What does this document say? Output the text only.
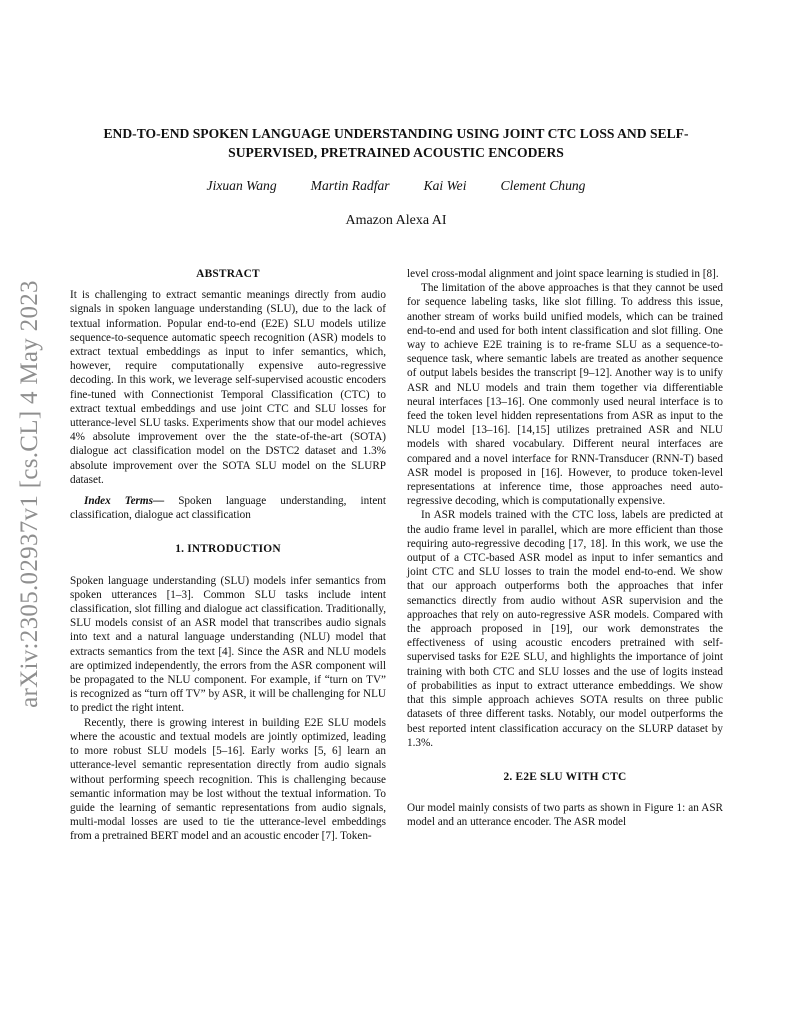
arXiv:2305.02937v1 [cs.CL] 4 May 2023
END-TO-END SPOKEN LANGUAGE UNDERSTANDING USING JOINT CTC LOSS AND SELF-SUPERVISED, PRETRAINED ACOUSTIC ENCODERS
Jixuan Wang	Martin Radfar	Kai Wei	Clement Chung
Amazon Alexa AI

ABSTRACT

It is challenging to extract semantic meanings directly from audio signals in spoken language understanding (SLU), due to the lack of textual information. Popular end-to-end (E2E) SLU models utilize sequence-to-sequence automatic speech recognition (ASR) models to extract textual embeddings as input to infer semantics, which, however, require computationally expensive auto-regressive decoding. In this work, we leverage self-supervised acoustic encoders fine-tuned with Connectionist Temporal Classification (CTC) to extract textual embeddings and use joint CTC and SLU losses for utterance-level SLU tasks. Experiments show that our model achieves 4% absolute improvement over the the state-of-the-art (SOTA) dialogue act classification model on the DSTC2 dataset and 1.3% absolute improvement over the SOTA SLU model on the SLURP dataset.

Index Terms— Spoken language understanding, intent classification, dialogue act classification

1. INTRODUCTION

Spoken language understanding (SLU) models infer semantics from spoken utterances [1–3]. Common SLU tasks include intent classification, slot filling and dialogue act classification. Traditionally, SLU models consist of an ASR model that transcribes audio signals into text and a natural language understanding (NLU) model that extracts semantics from the text [4]. Since the ASR and NLU models are optimized independently, the errors from the ASR component will be propagated to the NLU component. For example, if “turn on TV” is recognized as “turn off TV” by ASR, it will be challenging for NLU to predict the right intent.

Recently, there is growing interest in building E2E SLU models where the acoustic and textual models are jointly optimized, leading to more robust SLU models [5–16]. Early works [5, 6] learn an utterance-level semantic representation directly from audio signals without performing speech recognition. This is challenging because semantic information may be lost without the textual information. To guide the learning of semantic representations from audio signals, multi-modal losses are used to tie the utterance-level embeddings from a pretrained BERT model and an acoustic encoder [7]. Token-

level cross-modal alignment and joint space learning is studied in [8].

The limitation of the above approaches is that they cannot be used for sequence labeling tasks, like slot filling. To address this issue, another stream of works build unified models, which can be trained end-to-end and used for both intent classification and slot filling. One way to achieve E2E training is to re-frame SLU as a sequence-to-sequence task, where semantic labels are treated as another sequence of output labels besides the transcript [9–12]. Another way is to unify ASR and NLU models and train them together via differentiable neural interfaces [13–16]. One commonly used neural interface is to feed the token level hidden representations from ASR as input to the NLU model [13–16]. [14,15] utilizes pretrained ASR and NLU models with shared vocabulary. Different neural interfaces are compared and a novel interface for RNN-Transducer (RNN-T) based ASR model is proposed in [16]. However, to produce token-level representations at inference time, those approaches need auto-regressive decoding, which is computationally expensive.

In ASR models trained with the CTC loss, labels are predicted at the audio frame level in parallel, which are more efficient than those requiring auto-regressive decoding [17, 18]. In this work, we use the output of a CTC-based ASR model as input to infer semantics and joint CTC and SLU losses to train the model end-to-end. We show that our approach outperforms both the approaches that infer semanctics directly from audio without ASR supervision and the approaches that rely on auto-regressive ASR models. Compared with the approach proposed in [19], our work demonstrates the effectiveness of using acoustic encoders pretrained with self-supervised tasks for E2E SLU, and highlights the importance of joint training with both CTC and SLU losses and the use of logits instead of probabilities as input to extract utterance embeddings. We show that this simple approach achieves SOTA results on three public datasets of three different tasks. Notably, our model outperforms the best reported intent classification accuracy on the SLURP dataset by 1.3%.

2. E2E SLU WITH CTC

Our model mainly consists of two parts as shown in Figure 1: an ASR model and an utterance encoder. The ASR model
